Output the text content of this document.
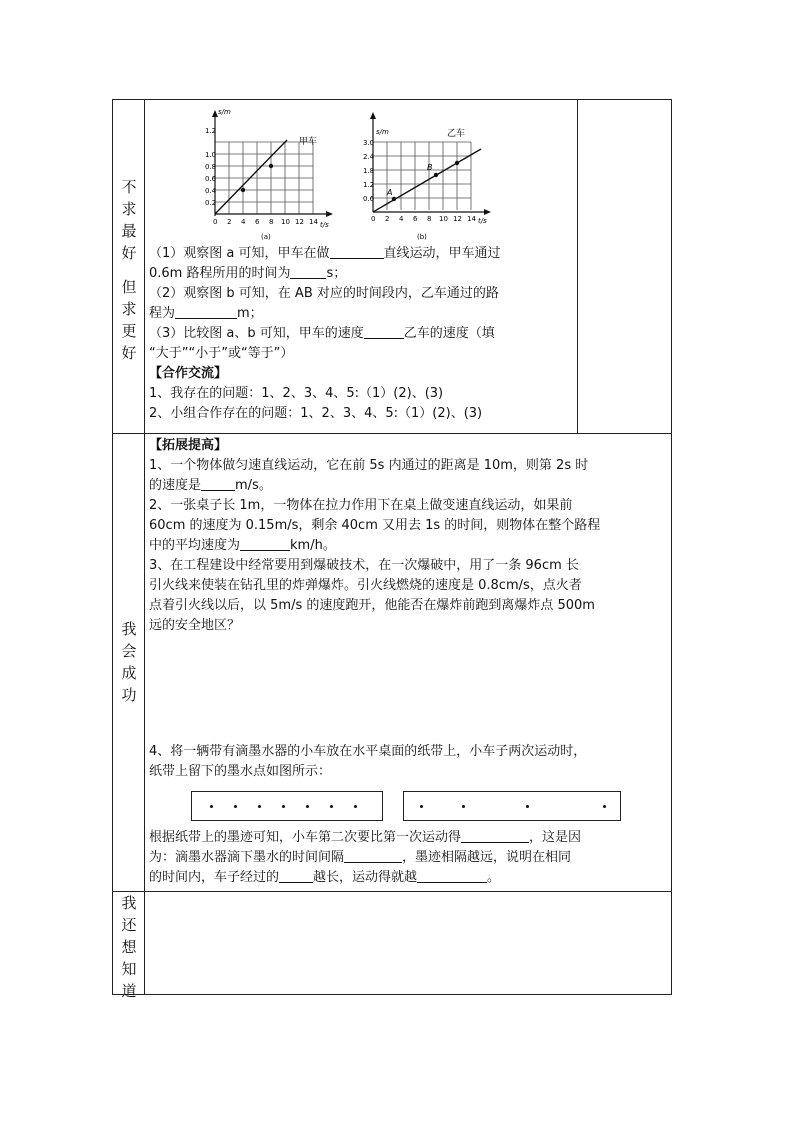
不
求
最
好
但
求
更
好
s/m
甲车
t/s
0.2
0.4
0.6
0.8
1.0
1.2
0 2 4 6 8 10 12 14
(a)
A
B
s/m	乙车
t/s
0.6
1.2
1.8
2.4
3.0
0 2 4 6 8 10 12 14
(b)
（1）观察图 a 可知，甲车在做	直线运动，甲车通过
0.6m 路程所用的时间为	s；
（2）观察图 b 可知，在 AB 对应的时间段内，乙车通过的路
程为	m；
（3）比较图 a、b 可知，甲车的速度	乙车的速度（填
“大于”“小于”或“等于”）
【合作交流】
1、我存在的问题：1、2、3、4、5:（1）(2)、(3)
2、小组合作存在的问题：1、2、3、4、5:（1）(2)、(3)
我
会
成
功
【拓展提高】
1、一个物体做匀速直线运动，它在前 5s 内通过的距离是 10m，则第 2s 时
的速度是	m/s。
2、一张桌子长 1m，一物体在拉力作用下在桌上做变速直线运动，如果前
60cm 的速度为 0.15m/s，剩余 40cm 又用去 1s 的时间，则物体在整个路程
中的平均速度为	km/h。
3、在工程建设中经常要用到爆破技术，在一次爆破中，用了一条 96cm 长
引火线来使装在钻孔里的炸弹爆炸。引火线燃烧的速度是 0.8cm/s，点火者
点着引火线以后，以 5m/s 的速度跑开，他能否在爆炸前跑到离爆炸点 500m
远的安全地区？
4、将一辆带有滴墨水器的小车放在水平桌面的纸带上，小车子两次运动时，
纸带上留下的墨水点如图所示：
根据纸带上的墨迹可知，小车第二次要比第一次运动得	，这是因
为：滴墨水器滴下墨水的时间间隔	，墨迹相隔越远，说明在相同
的时间内，车子经过的	越长，运动得就越	。
我
还
想
知
道
